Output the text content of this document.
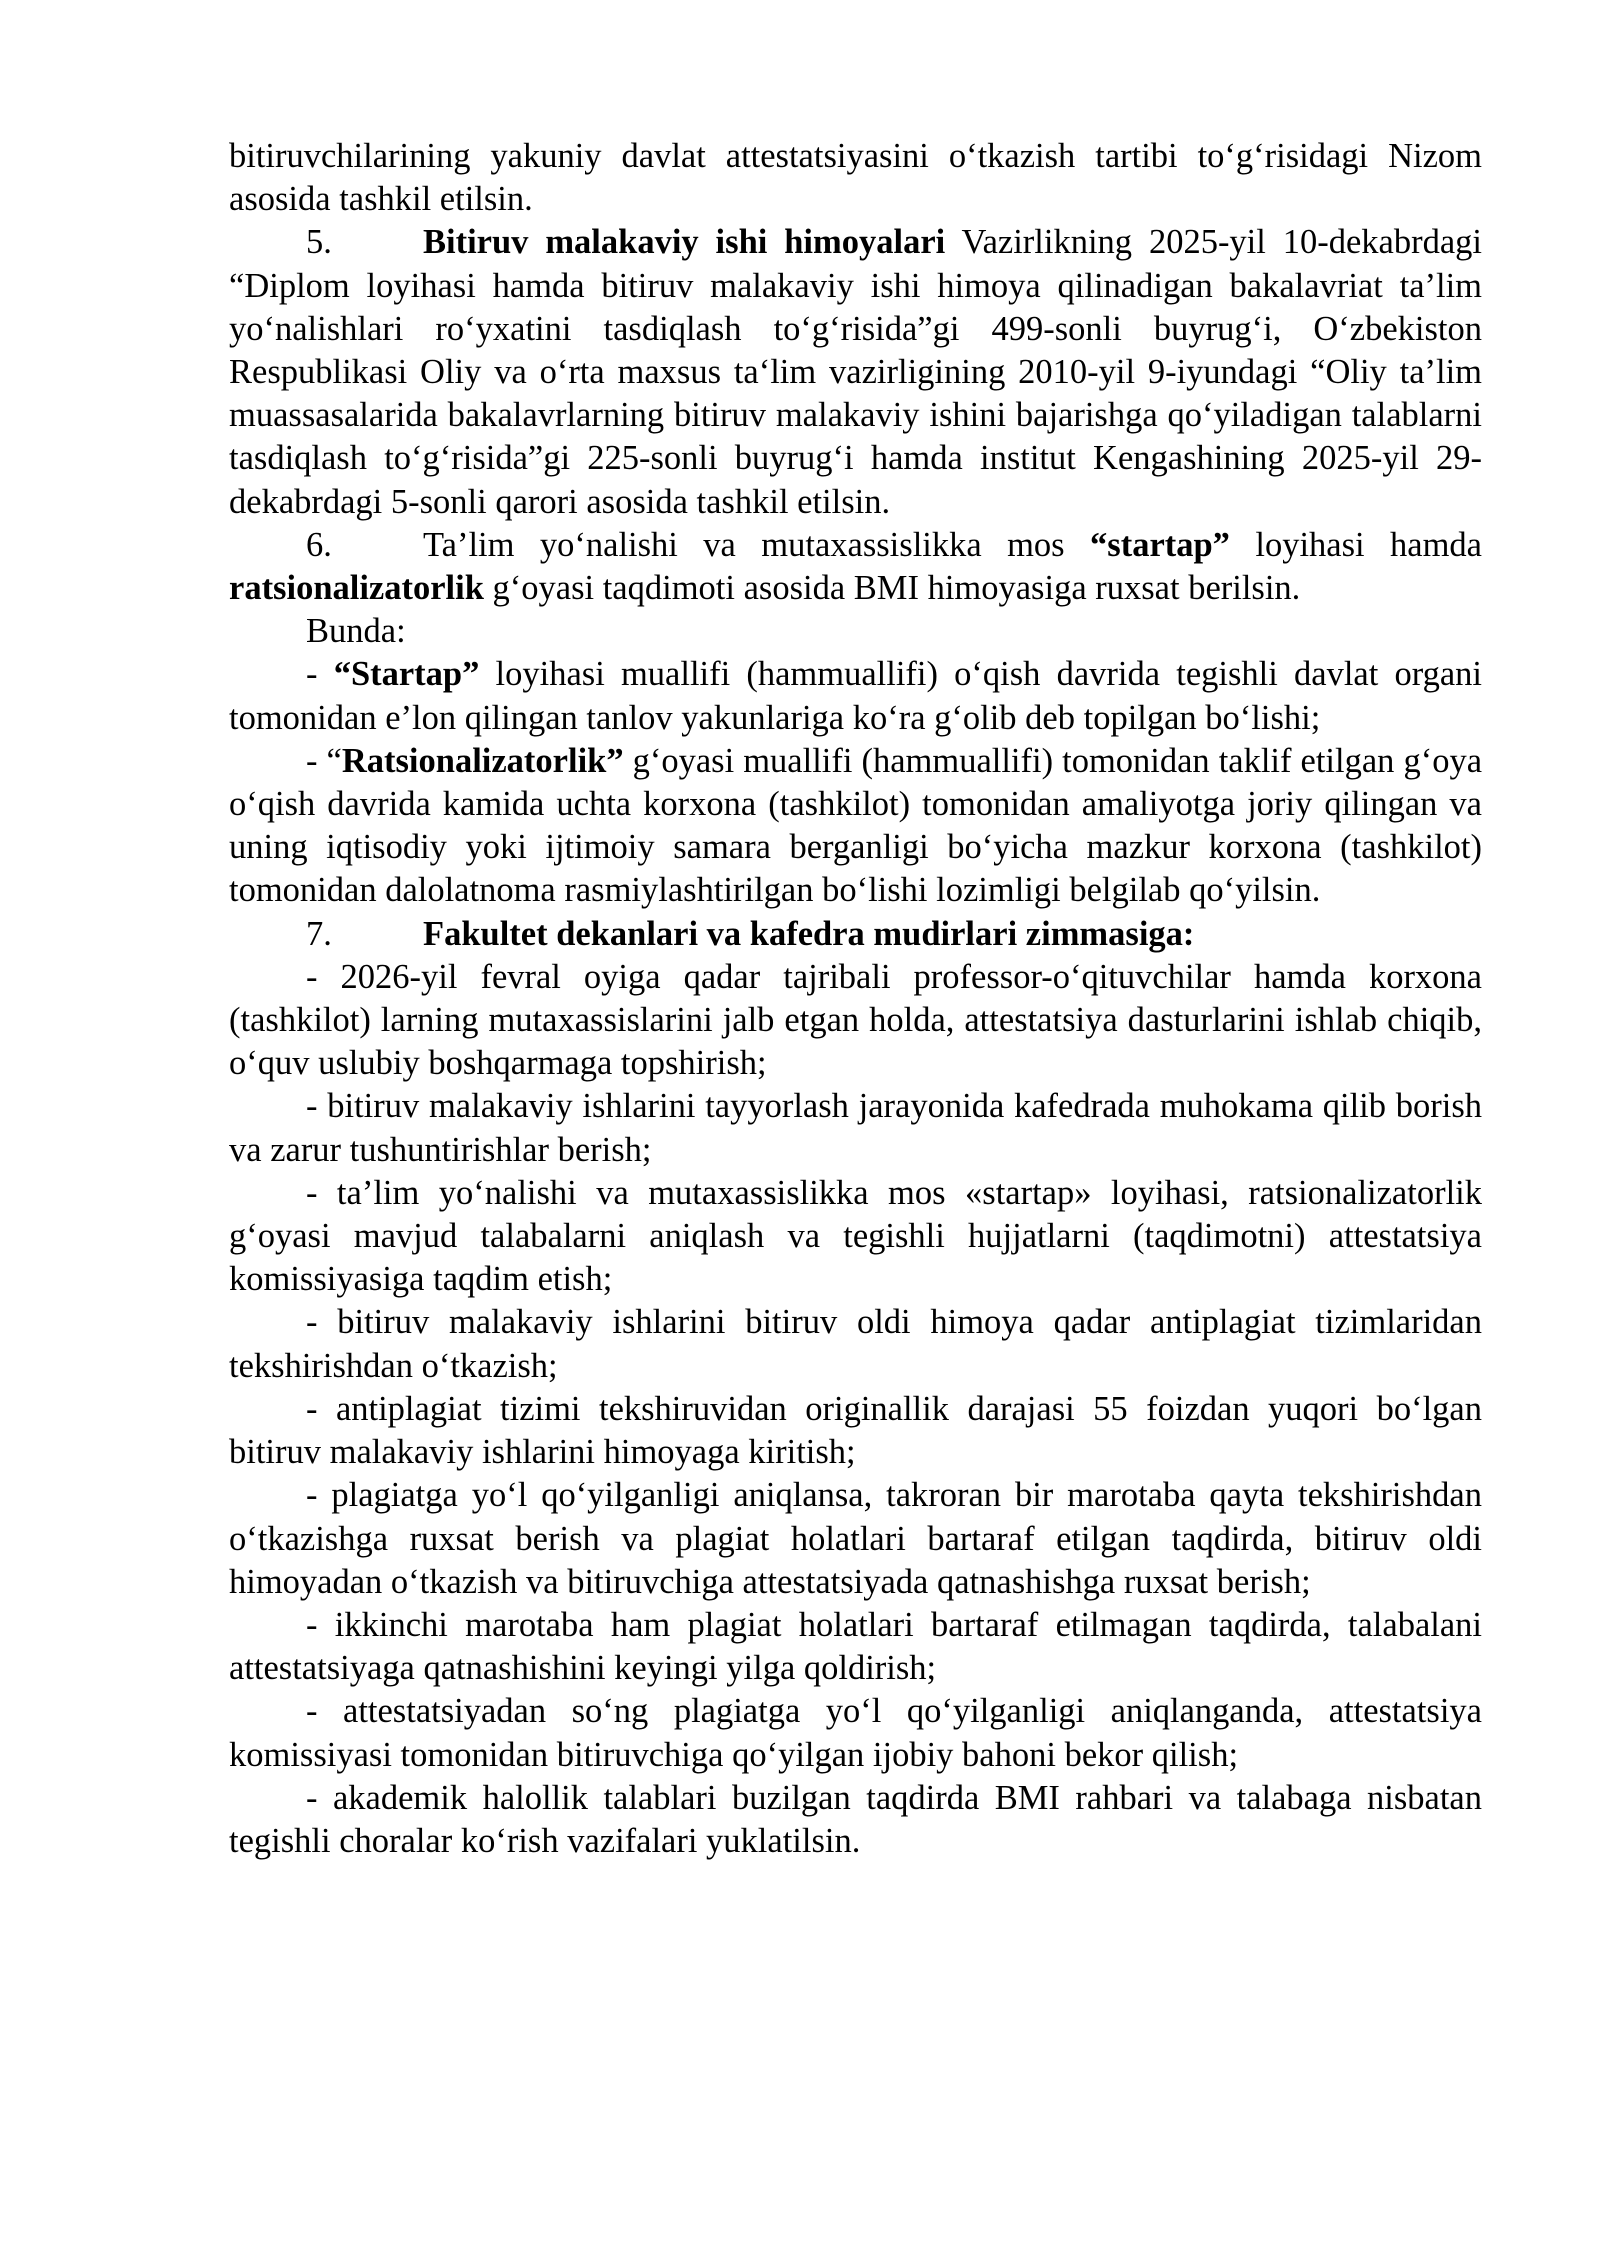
bitiruvchilarining yakuniy davlat attestatsiyasini o‘tkazish tartibi to‘g‘risidagi Nizom asosida tashkil etilsin.

5.	Bitiruv malakaviy ishi himoyalari Vazirlikning 2025-yil 10-dekabrdagi “Diplom loyihasi hamda bitiruv malakaviy ishi himoya qilinadigan bakalavriat ta’lim yo‘nalishlari ro‘yxatini tasdiqlash to‘g‘risida”gi 499-sonli buyrug‘i, O‘zbekiston Respublikasi Oliy va o‘rta maxsus ta‘lim vazirligining 2010-yil 9-iyundagi “Oliy ta’lim muassasalarida bakalavrlarning bitiruv malakaviy ishini bajarishga qo‘yiladigan talablarni tasdiqlash to‘g‘risida”gi 225-sonli buyrug‘i hamda institut Kengashining 2025-yil 29-dekabrdagi 5-sonli qarori asosida tashkil etilsin.

6.	Ta’lim yo‘nalishi va mutaxassislikka mos “startap” loyihasi hamda ratsionalizatorlik g‘oyasi taqdimoti asosida BMI himoyasiga ruxsat berilsin.

Bunda:

- “Startap” loyihasi muallifi (hammuallifi) o‘qish davrida tegishli davlat organi tomonidan e’lon qilingan tanlov yakunlariga ko‘ra g‘olib deb topilgan bo‘lishi;

- “Ratsionalizatorlik” g‘oyasi muallifi (hammuallifi) tomonidan taklif etilgan g‘oya o‘qish davrida kamida uchta korxona (tashkilot) tomonidan amaliyotga joriy qilingan va uning iqtisodiy yoki ijtimoiy samara berganligi bo‘yicha mazkur korxona (tashkilot) tomonidan dalolatnoma rasmiylashtirilgan bo‘lishi lozimligi belgilab qo‘yilsin.

7.	Fakultet dekanlari va kafedra mudirlari zimmasiga:

- 2026-yil fevral oyiga qadar tajribali professor-o‘qituvchilar hamda korxona (tashkilot) larning mutaxassislarini jalb etgan holda, attestatsiya dasturlarini ishlab chiqib, o‘quv uslubiy boshqarmaga topshirish;

- bitiruv malakaviy ishlarini tayyorlash jarayonida kafedrada muhokama qilib borish va zarur tushuntirishlar berish;

- ta’lim yo‘nalishi va mutaxassislikka mos «startap» loyihasi, ratsionalizatorlik g‘oyasi mavjud talabalarni aniqlash va tegishli hujjatlarni (taqdimotni) attestatsiya komissiyasiga taqdim etish;

- bitiruv malakaviy ishlarini bitiruv oldi himoya qadar antiplagiat tizimlaridan tekshirishdan o‘tkazish;

- antiplagiat tizimi tekshiruvidan originallik darajasi 55 foizdan yuqori bo‘lgan bitiruv malakaviy ishlarini himoyaga kiritish;

- plagiatga yo‘l qo‘yilganligi aniqlansa, takroran bir marotaba qayta tekshirishdan o‘tkazishga ruxsat berish va plagiat holatlari bartaraf etilgan taqdirda, bitiruv oldi himoyadan o‘tkazish va bitiruvchiga attestatsiyada qatnashishga ruxsat berish;

- ikkinchi marotaba ham plagiat holatlari bartaraf etilmagan taqdirda, talabalani attestatsiyaga qatnashishini keyingi yilga qoldirish;

- attestatsiyadan so‘ng plagiatga yo‘l qo‘yilganligi aniqlanganda, attestatsiya komissiyasi tomonidan bitiruvchiga qo‘yilgan ijobiy bahoni bekor qilish;

- akademik halollik talablari buzilgan taqdirda BMI rahbari va talabaga nisbatan tegishli choralar ko‘rish vazifalari yuklatilsin.
